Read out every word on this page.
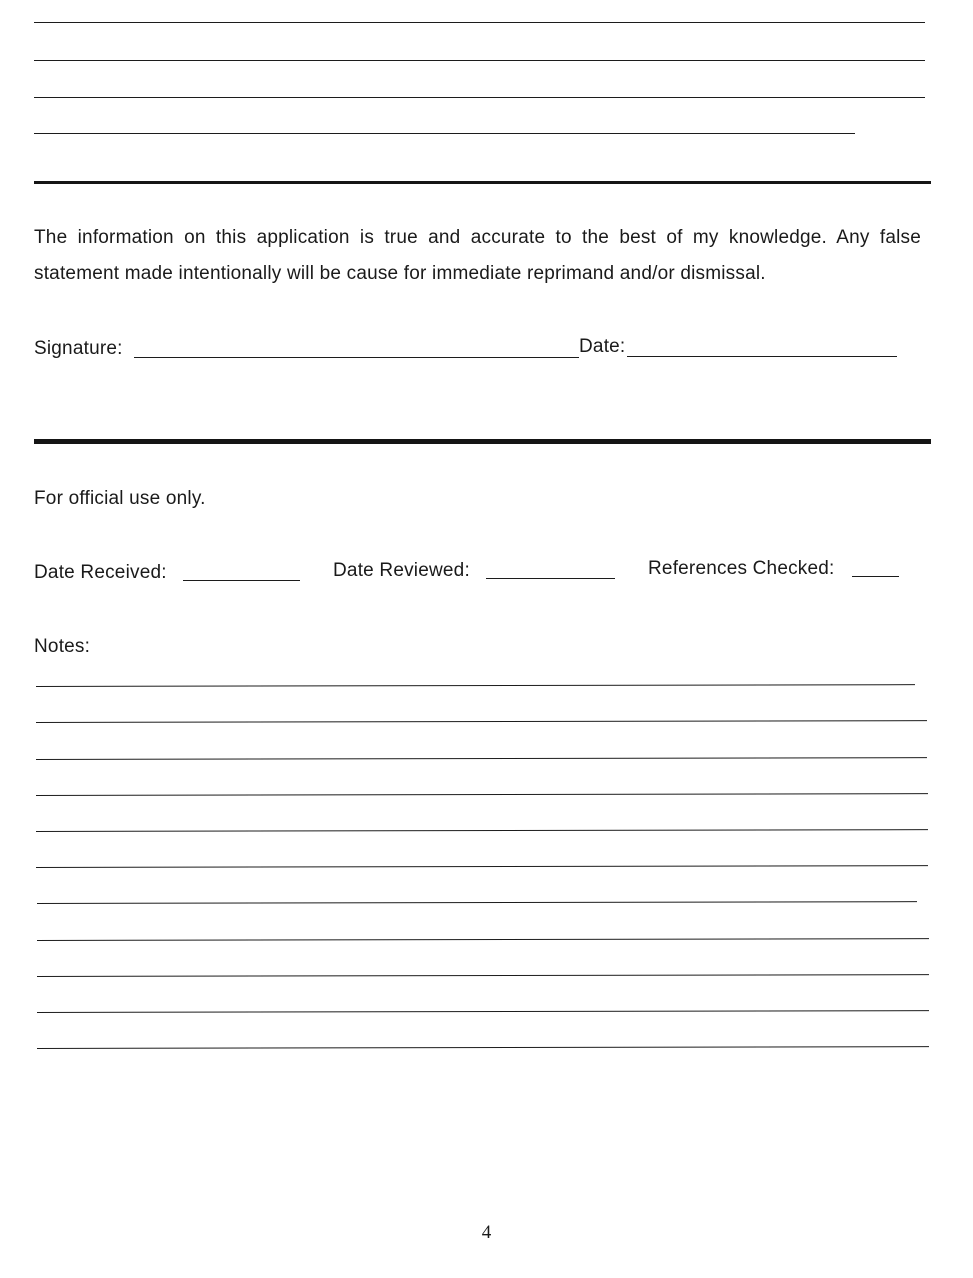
The information on this application is true and accurate to the best of my knowledge. Any false
statement made intentionally will be cause for immediate reprimand and/or dismissal.
Signature:	Date:
For official use only.
Date Received:	Date Reviewed:	References Checked:
Notes:
4
